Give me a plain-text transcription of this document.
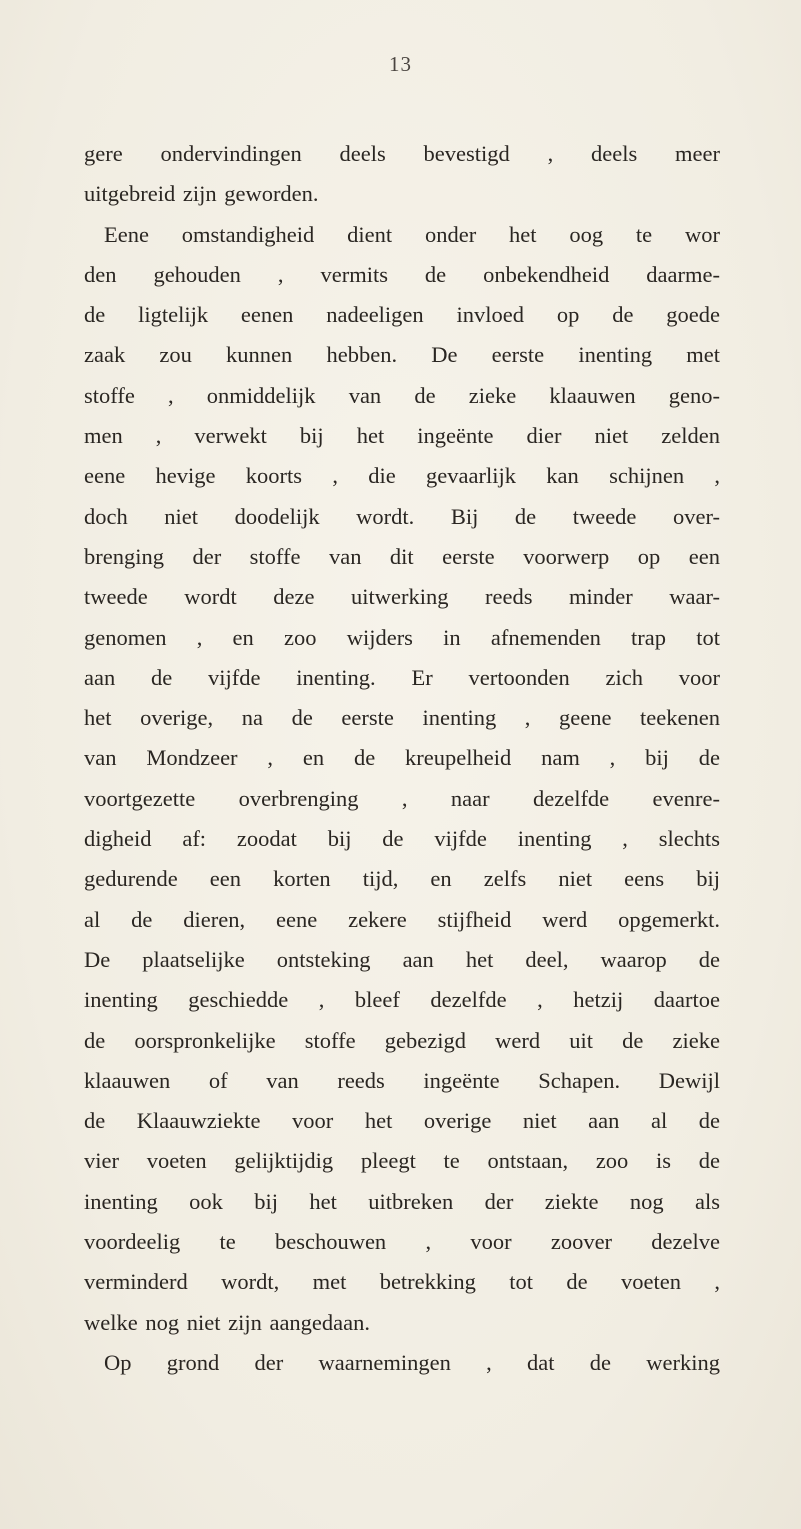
13
gere ondervindingen deels bevestigd , deels meer
uitgebreid zijn geworden.
Eene omstandigheid dient onder het oog te wor
den gehouden , vermits de onbekendheid daarme-
de ligtelijk eenen nadeeligen invloed op de goede
zaak zou kunnen hebben. De eerste inenting met
stoffe , onmiddelijk van de zieke klaauwen geno-
men , verwekt bij het ingeënte dier niet zelden
eene hevige koorts , die gevaarlijk kan schijnen ,
doch niet doodelijk wordt. Bij de tweede over-
brenging der stoffe van dit eerste voorwerp op een
tweede wordt deze uitwerking reeds minder waar-
genomen , en zoo wijders in afnemenden trap tot
aan de vijfde inenting. Er vertoonden zich voor
het overige, na de eerste inenting , geene teekenen
van Mondzeer , en de kreupelheid nam , bij de
voortgezette overbrenging , naar dezelfde evenre-
digheid af: zoodat bij de vijfde inenting , slechts
gedurende een korten tijd, en zelfs niet eens bij
al de dieren, eene zekere stijfheid werd opgemerkt.
De plaatselijke ontsteking aan het deel, waarop de
inenting geschiedde , bleef dezelfde , hetzij daartoe
de oorspronkelijke stoffe gebezigd werd uit de zieke
klaauwen of van reeds ingeënte Schapen. Dewijl
de Klaauwziekte voor het overige niet aan al de
vier voeten gelijktijdig pleegt te ontstaan, zoo is de
inenting ook bij het uitbreken der ziekte nog als
voordeelig te beschouwen , voor zoover dezelve
verminderd wordt, met betrekking tot de voeten ,
welke nog niet zijn aangedaan.
Op grond der waarnemingen , dat de werking
